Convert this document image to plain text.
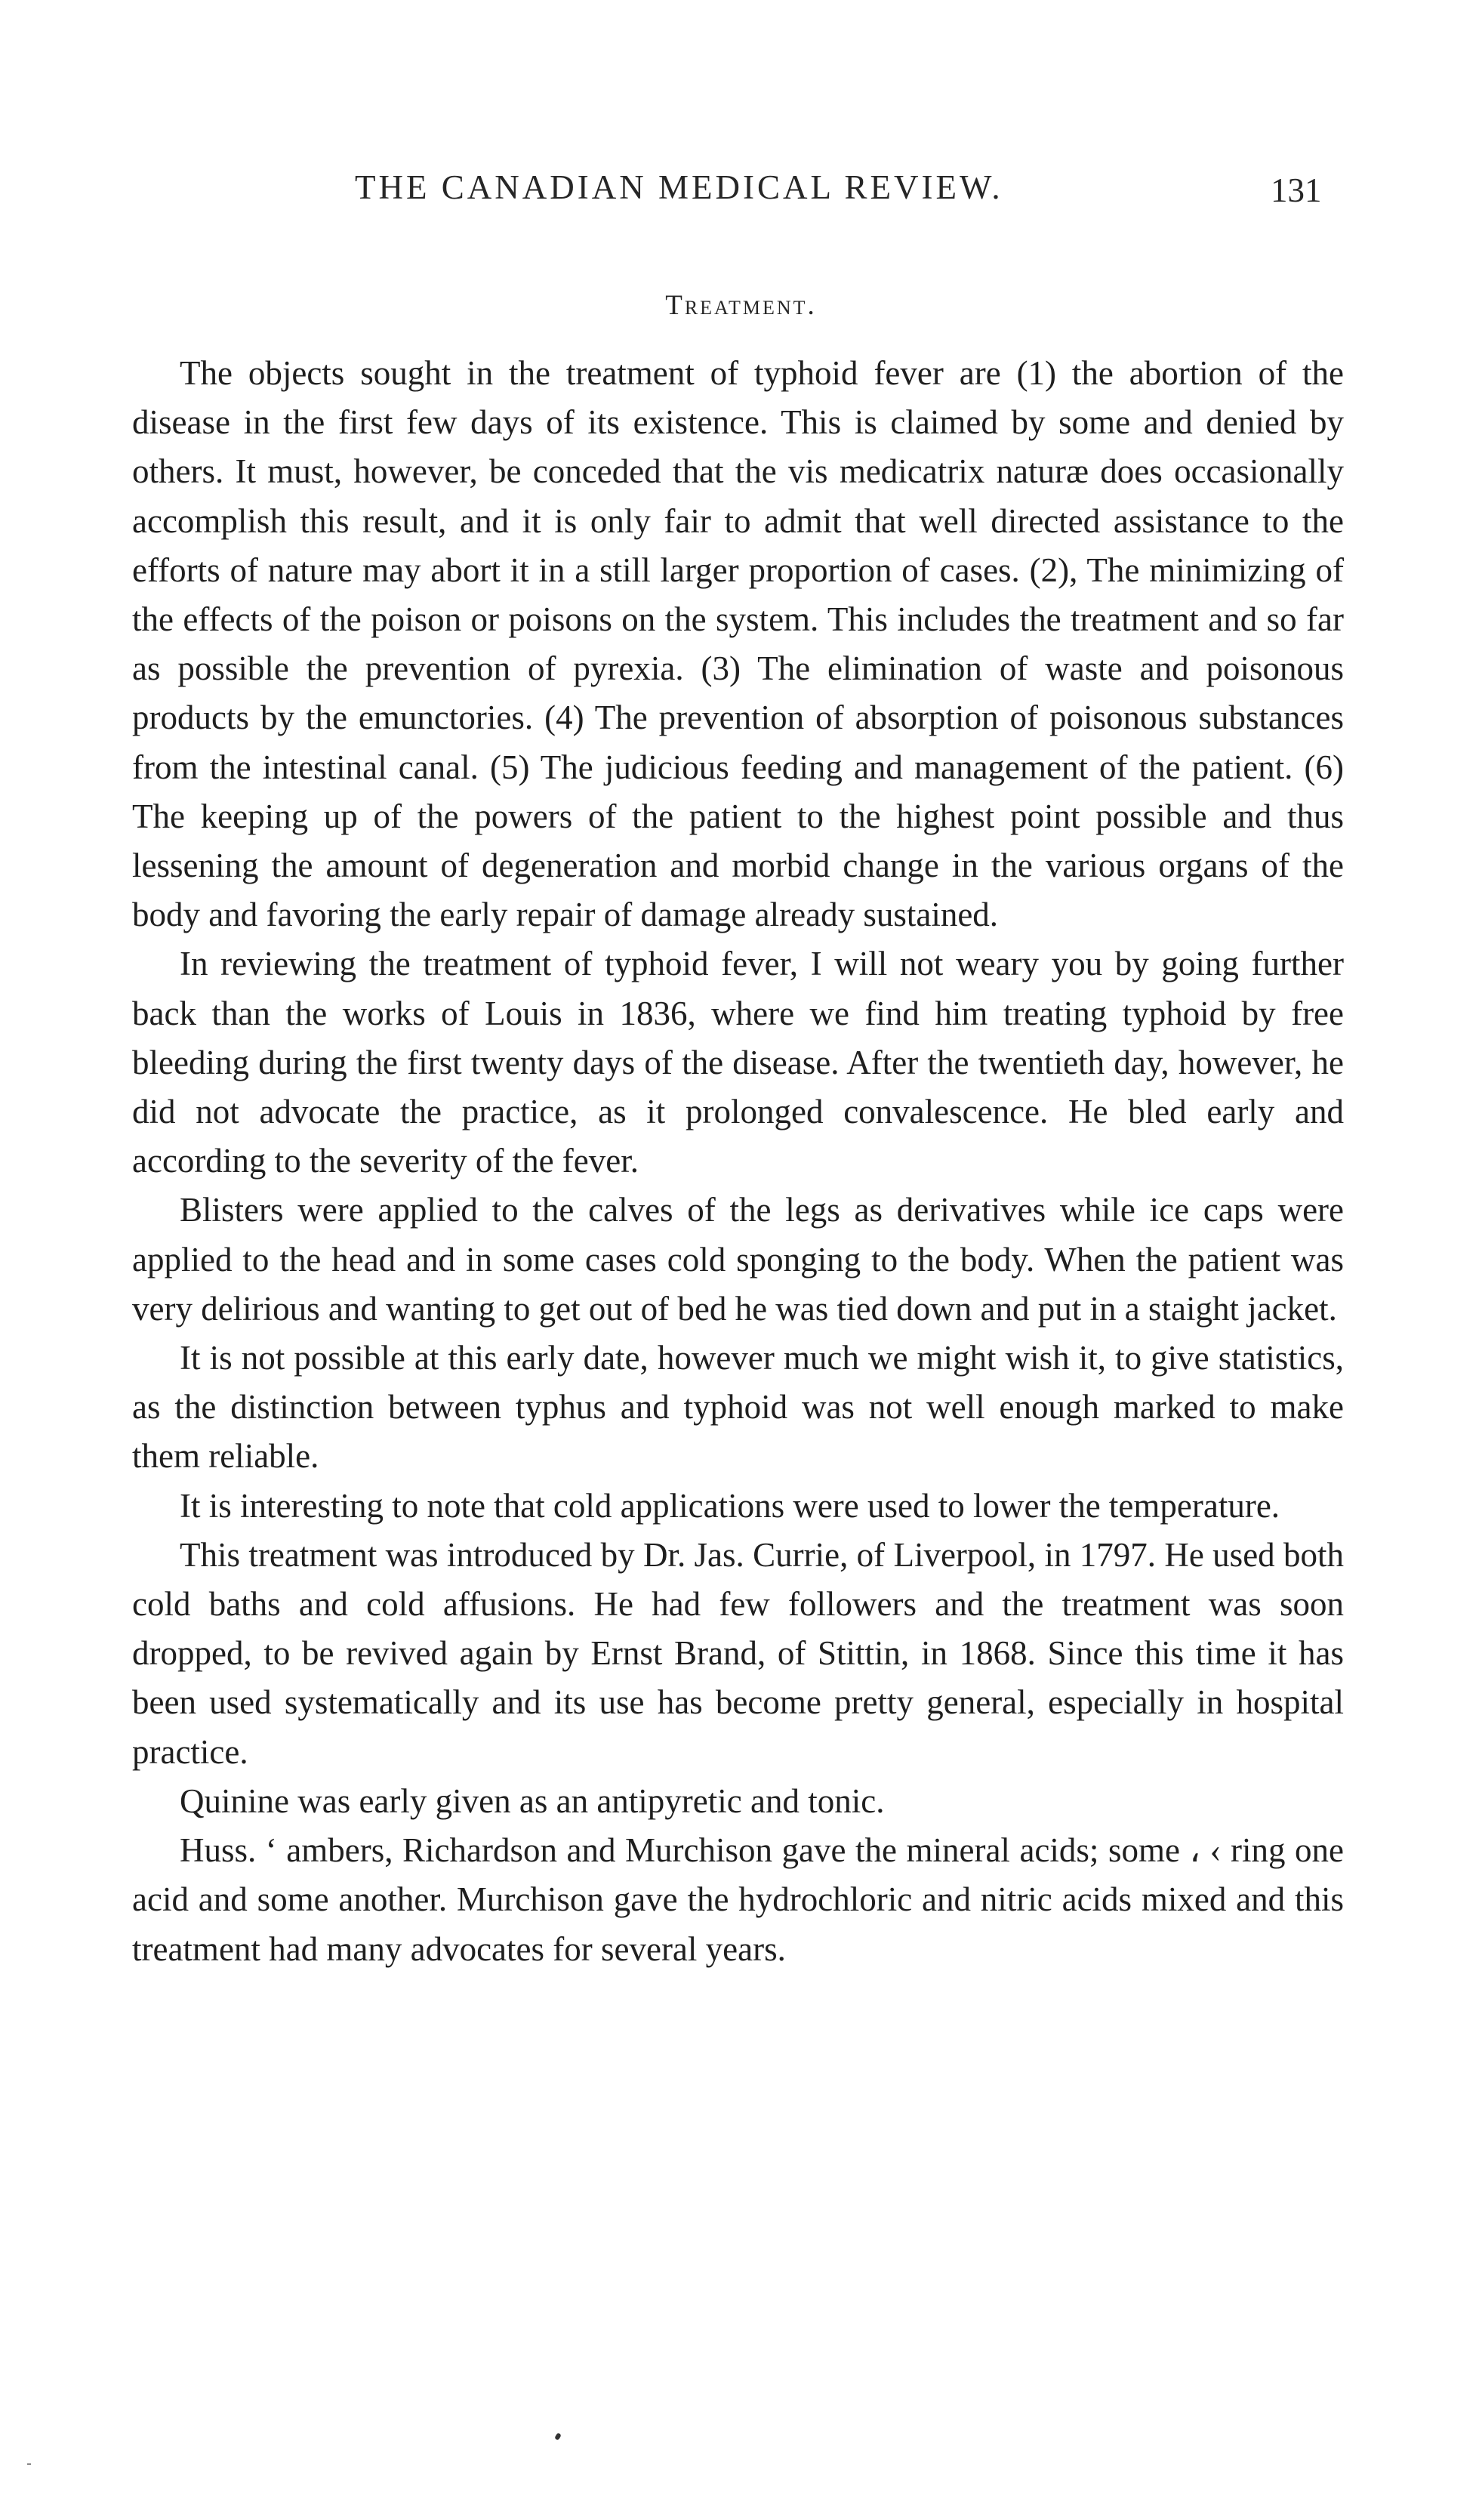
THE CANADIAN MEDICAL REVIEW.	131
Treatment.

The objects sought in the treatment of typhoid fever are (1) the abortion of the disease in the first few days of its existence. This is claimed by some and denied by others. It must, however, be conceded that the vis medicatrix naturæ does occasionally accomplish this result, and it is only fair to admit that well directed assistance to the efforts of nature may abort it in a still larger proportion of cases. (2), The minimizing of the effects of the poison or poisons on the system. This includes the treatment and so far as possible the prevention of pyrexia. (3) The elimination of waste and poisonous products by the emunctories. (4) The prevention of absorption of poisonous substances from the intestinal canal. (5) The judicious feeding and management of the patient. (6) The keeping up of the powers of the patient to the highest point possible and thus lessening the amount of degeneration and morbid change in the various organs of the body and favoring the early repair of damage already sustained.

In reviewing the treatment of typhoid fever, I will not weary you by going further back than the works of Louis in 1836, where we find him treating typhoid by free bleeding during the first twenty days of the disease. After the twentieth day, however, he did not advocate the practice, as it prolonged convalescence. He bled early and according to the severity of the fever.

Blisters were applied to the calves of the legs as derivatives while ice caps were applied to the head and in some cases cold sponging to the body. When the patient was very delirious and wanting to get out of bed he was tied down and put in a staight jacket.

It is not possible at this early date, however much we might wish it, to give statistics, as the distinction between typhus and typhoid was not well enough marked to make them reliable.

It is interesting to note that cold applications were used to lower the temperature.

This treatment was introduced by Dr. Jas. Currie, of Liverpool, in 1797. He used both cold baths and cold affusions. He had few followers and the treatment was soon dropped, to be revived again by Ernst Brand, of Stittin, in 1868. Since this time it has been used systematically and its use has become pretty general, especially in hospital practice.

Quinine was early given as an antipyretic and tonic.

Huss. ‘ ambers, Richardson and Murchison gave the mineral acids; some ، ‹ ring one acid and some another. Murchison gave the hydrochloric and nitric acids mixed and this treatment had many advocates for several years.
